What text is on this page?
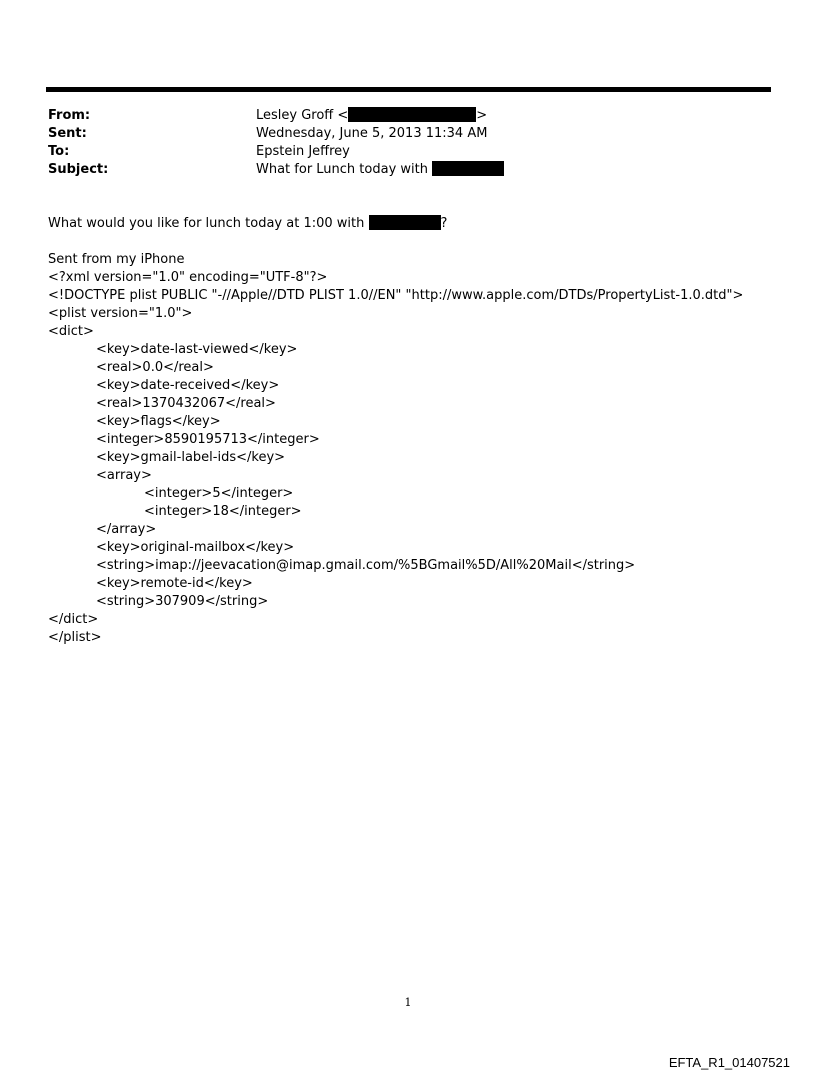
From:	Lesley Groff <	>
Sent:	Wednesday, June 5, 2013 11:34 AM
To:	Epstein Jeffrey
Subject:	What for Lunch today with
What would you like for lunch today at 1:00 with	?
Sent from my iPhone
<?xml version="1.0" encoding="UTF-8"?>
<!DOCTYPE plist PUBLIC "-//Apple//DTD PLIST 1.0//EN" "http://www.apple.com/DTDs/PropertyList-1.0.dtd">
<plist version="1.0">
<dict>
<key>date-last-viewed</key>
<real>0.0</real>
<key>date-received</key>
<real>1370432067</real>
<key>flags</key>
<integer>8590195713</integer>
<key>gmail-label-ids</key>
<array>
<integer>5</integer>
<integer>18</integer>
</array>
<key>original-mailbox</key>
<string>imap://jeevacation@imap.gmail.com/%5BGmail%5D/All%20Mail</string>
<key>remote-id</key>
<string>307909</string>
</dict>
</plist>
1
EFTA_R1_01407521
